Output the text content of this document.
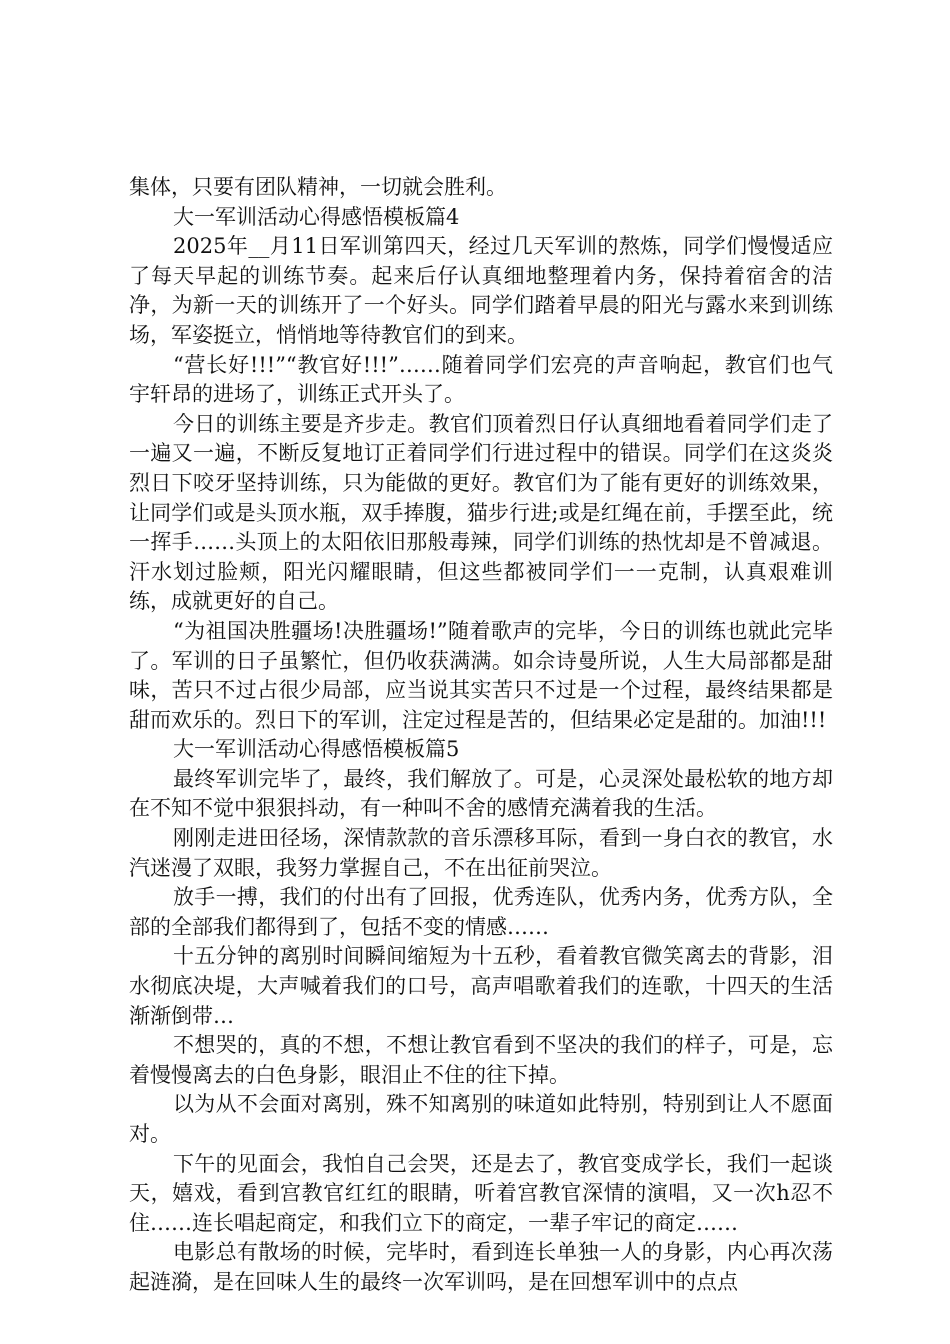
集体，只要有团队精神，一切就会胜利。

大一军训活动心得感悟模板篇4

2025年__月11日军训第四天，经过几天军训的熬炼，同学们慢慢适应了每天早起的训练节奏。起来后仔认真细地整理着内务，保持着宿舍的洁净，为新一天的训练开了一个好头。同学们踏着早晨的阳光与露水来到训练场，军姿挺立，悄悄地等待教官们的到来。

“营长好!!!”“教官好!!!”……随着同学们宏亮的声音响起，教官们也气宇轩昂的进场了，训练正式开头了。

今日的训练主要是齐步走。教官们顶着烈日仔认真细地看着同学们走了一遍又一遍，不断反复地订正着同学们行进过程中的错误。同学们在这炎炎烈日下咬牙坚持训练，只为能做的更好。教官们为了能有更好的训练效果，让同学们或是头顶水瓶，双手捧腹，猫步行进;或是红绳在前，手摆至此，统一挥手……头顶上的太阳依旧那般毒辣，同学们训练的热忱却是不曾减退。汗水划过脸颊，阳光闪耀眼睛，但这些都被同学们一一克制，认真艰难训练，成就更好的自己。

“为祖国决胜疆场!决胜疆场!”随着歌声的完毕，今日的训练也就此完毕了。军训的日子虽繁忙，但仍收获满满。如佘诗曼所说，人生大局部都是甜味，苦只不过占很少局部，应当说其实苦只不过是一个过程，最终结果都是甜而欢乐的。烈日下的军训，注定过程是苦的，但结果必定是甜的。加油!!!

大一军训活动心得感悟模板篇5

最终军训完毕了，最终，我们解放了。可是，心灵深处最松软的地方却在不知不觉中狠狠抖动，有一种叫不舍的感情充满着我的生活。

刚刚走进田径场，深情款款的音乐漂移耳际，看到一身白衣的教官，水汽迷漫了双眼，我努力掌握自己，不在出征前哭泣。

放手一搏，我们的付出有了回报，优秀连队，优秀内务，优秀方队，全部的全部我们都得到了，包括不变的情感……

十五分钟的离别时间瞬间缩短为十五秒，看着教官微笑离去的背影，泪水彻底决堤，大声喊着我们的口号，高声唱歌着我们的连歌，十四天的生活渐渐倒带…

不想哭的，真的不想，不想让教官看到不坚决的我们的样子，可是，忘着慢慢离去的白色身影，眼泪止不住的往下掉。

以为从不会面对离别，殊不知离别的味道如此特别，特别到让人不愿面对。

下午的见面会，我怕自己会哭，还是去了，教官变成学长，我们一起谈天，嬉戏，看到宫教官红红的眼睛，听着宫教官深情的演唱，又一次h忍不住……连长唱起商定，和我们立下的商定，一辈子牢记的商定……

电影总有散场的时候，完毕时，看到连长单独一人的身影，内心再次荡起涟漪，是在回味人生的最终一次军训吗，是在回想军训中的点点
